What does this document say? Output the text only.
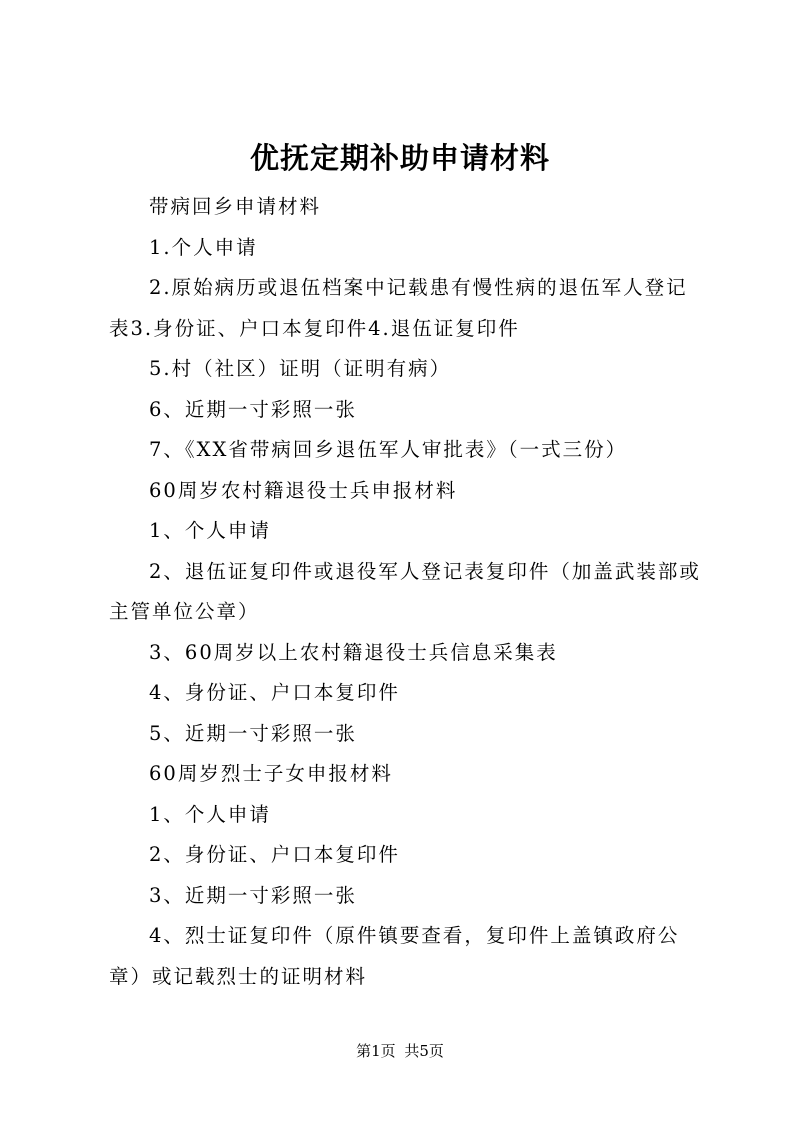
优抚定期补助申请材料
带病回乡申请材料
1.个人申请
2.原始病历或退伍档案中记载患有慢性病的退伍军人登记表3.身份证、户口本复印件4.退伍证复印件
5.村（社区）证明（证明有病）
6、近期一寸彩照一张
7、《XX省带病回乡退伍军人审批表》（一式三份）
60周岁农村籍退役士兵申报材料
1、个人申请
2、退伍证复印件或退役军人登记表复印件（加盖武装部或主管单位公章）
3、60周岁以上农村籍退役士兵信息采集表
4、身份证、户口本复印件
5、近期一寸彩照一张
60周岁烈士子女申报材料
1、个人申请
2、身份证、户口本复印件
3、近期一寸彩照一张
4、烈士证复印件（原件镇要查看，复印件上盖镇政府公章）或记载烈士的证明材料
第1页 共5页
